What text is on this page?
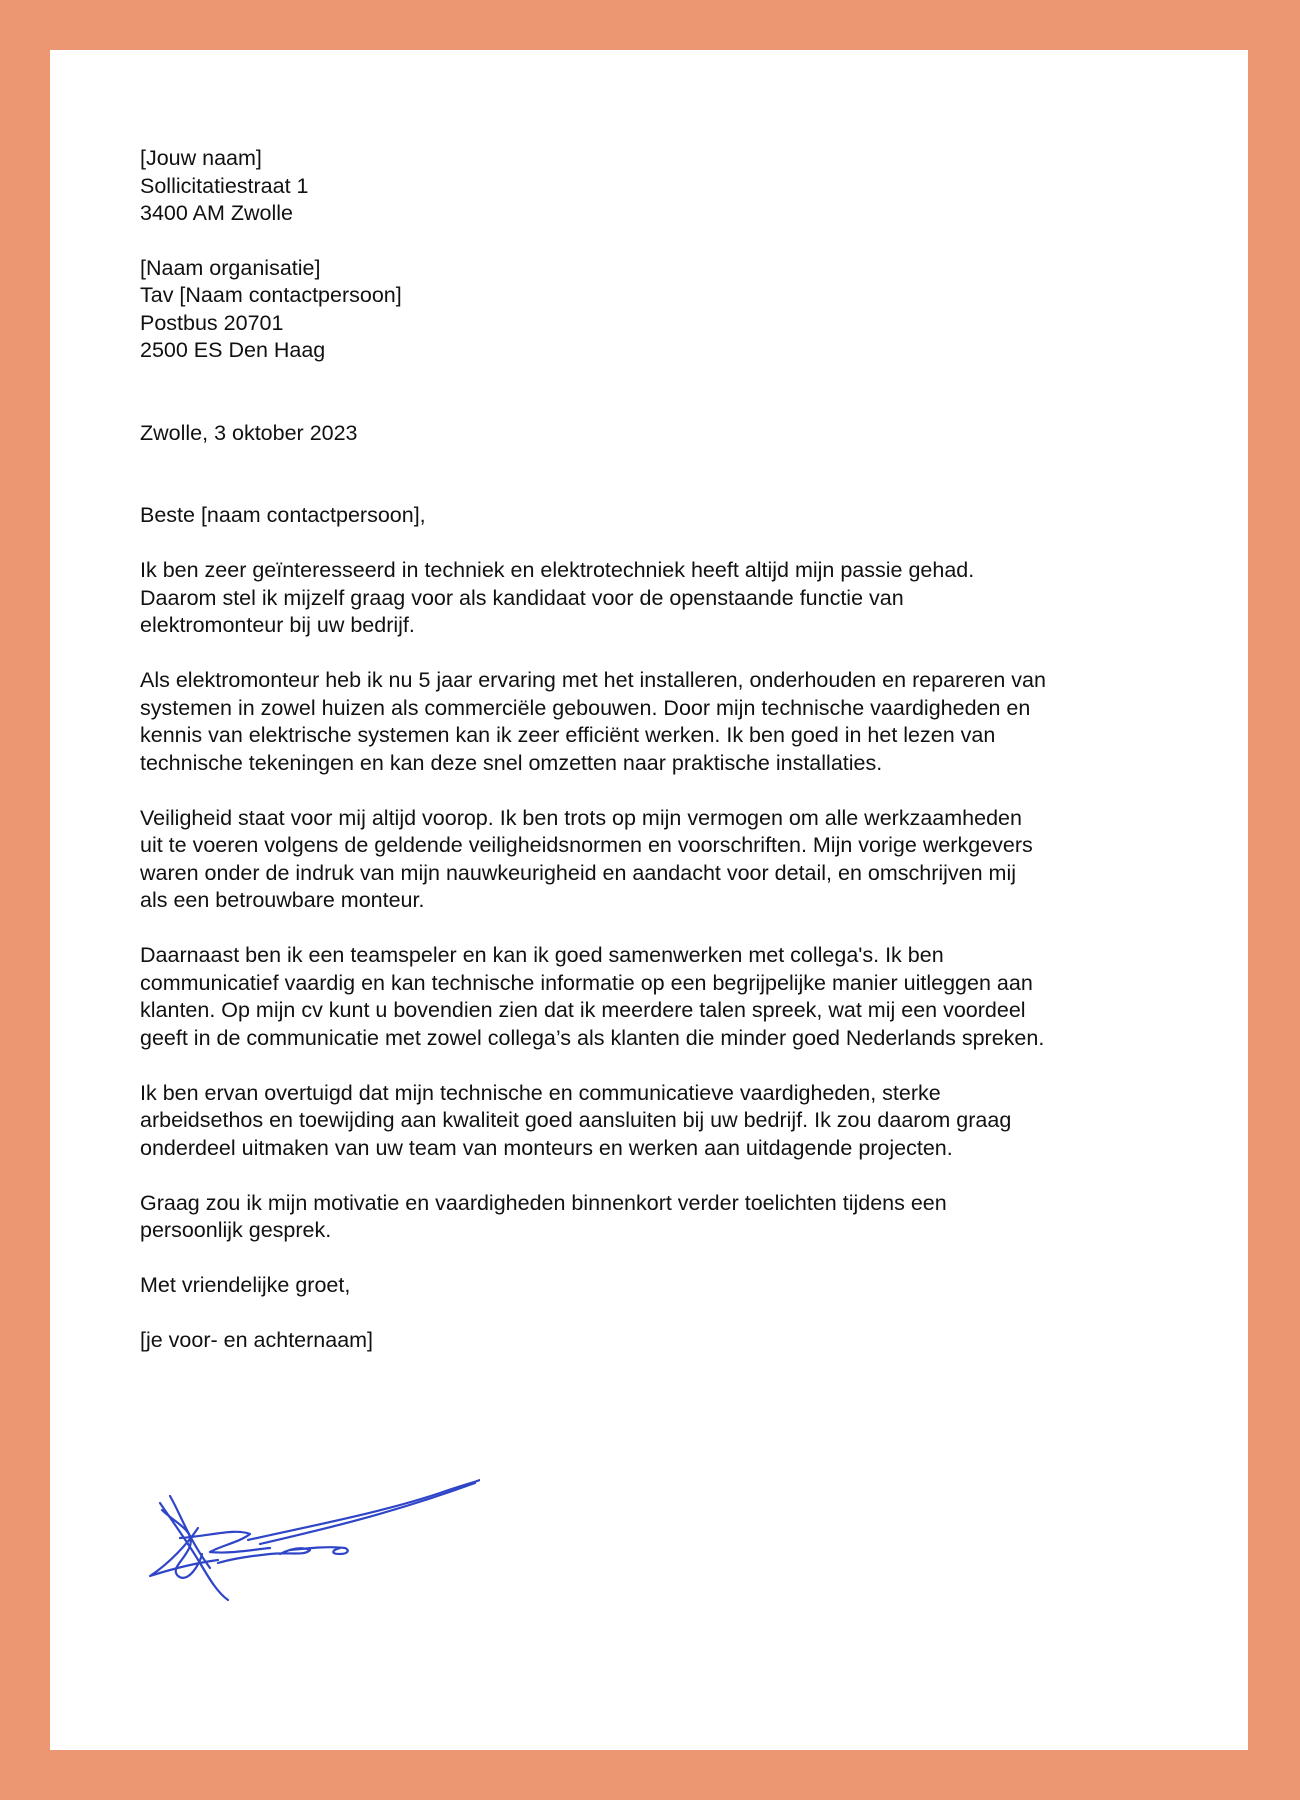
[Jouw naam]
Sollicitatiestraat 1
3400 AM Zwolle
[Naam organisatie]
Tav [Naam contactpersoon]
Postbus 20701
2500 ES Den Haag
Zwolle, 3 oktober 2023

Beste [naam contactpersoon],

Ik ben zeer geïnteresseerd in techniek en elektrotechniek heeft altijd mijn passie gehad.
Daarom stel ik mijzelf graag voor als kandidaat voor de openstaande functie van
elektromonteur bij uw bedrijf.

Als elektromonteur heb ik nu 5 jaar ervaring met het installeren, onderhouden en repareren van
systemen in zowel huizen als commerciële gebouwen. Door mijn technische vaardigheden en
kennis van elektrische systemen kan ik zeer efficiënt werken. Ik ben goed in het lezen van
technische tekeningen en kan deze snel omzetten naar praktische installaties.

Veiligheid staat voor mij altijd voorop. Ik ben trots op mijn vermogen om alle werkzaamheden
uit te voeren volgens de geldende veiligheidsnormen en voorschriften. Mijn vorige werkgevers
waren onder de indruk van mijn nauwkeurigheid en aandacht voor detail, en omschrijven mij
als een betrouwbare monteur.

Daarnaast ben ik een teamspeler en kan ik goed samenwerken met collega's. Ik ben
communicatief vaardig en kan technische informatie op een begrijpelijke manier uitleggen aan
klanten. Op mijn cv kunt u bovendien zien dat ik meerdere talen spreek, wat mij een voordeel
geeft in de communicatie met zowel collega’s als klanten die minder goed Nederlands spreken.

Ik ben ervan overtuigd dat mijn technische en communicatieve vaardigheden, sterke
arbeidsethos en toewijding aan kwaliteit goed aansluiten bij uw bedrijf. Ik zou daarom graag
onderdeel uitmaken van uw team van monteurs en werken aan uitdagende projecten.

Graag zou ik mijn motivatie en vaardigheden binnenkort verder toelichten tijdens een
persoonlijk gesprek.

Met vriendelijke groet,

[je voor- en achternaam]
